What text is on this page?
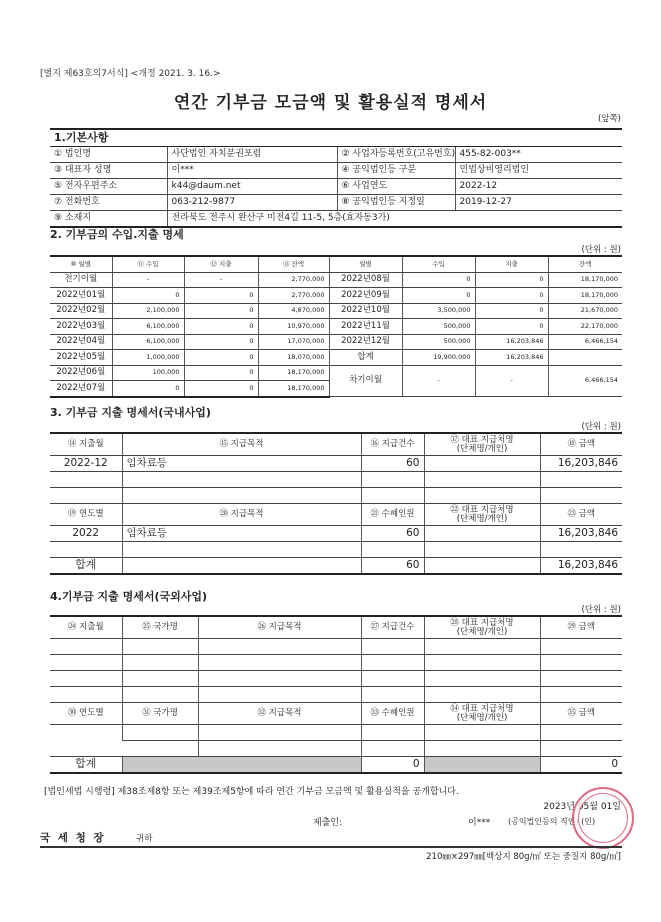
[별지 제63호의7서식] <개정 2021. 3. 16.>
연간 기부금 모금액 및 활용실적 명세서
(앞쪽)
1.기본사항			
① 법인명	사단법인 자치분권포럼	② 사업자등록번호(고유번호)	455-82-003**
③ 대표자 성명	이***	④ 공익법인등 구분	민법상비영리법인
⑤ 전자우편주소	k44@daum.net	⑥ 사업연도	2022-12
⑦ 전화번호	063-212-9877	⑧ 공익법인등 지정일	2019-12-27
⑨ 소재지	전라북도 전주시 완산구 미전4길 11-5, 5층(효자동3가)		
2. 기부금의 수입.지출 명세
(단위 : 원)
⑩ 월별	⑪ 수입	⑫ 지출	⑬ 잔액	월별	수입	지출	잔액
전기이월	-	-	2,770,000	2022년08월	0	0	18,170,000
2022년01월	0	0	2,770,000	2022년09월	0	0	18,170,000
2022년02월	2,100,000	0	4,870,000	2022년10월	3,500,000	0	21,670,000
2022년03월	6,100,000	0	10,970,000	2022년11월	500,000	0	22,170,000
2022년04월	6,100,000	0	17,070,000	2022년12월	500,000	16,203,846	6,466,154
2022년05월	1,000,000	0	18,070,000	합계	19,900,000	16,203,846	
2022년06월	100,000	0	18,170,000	차기이월	-	-	6,466,154
2022년07월	0	0	18,170,000				
3. 기부금 지출 명세서(국내사업)
(단위 : 원)
⑭ 지출월	⑮ 지급목적	⑯ 지급건수	⑰ 대표 지급처명
(단체명/개인)	⑱ 금액
2022-12	임차료등	60		16,203,846

⑲ 연도별	⑳ 지급목적	㉑ 수혜인원	㉒ 대표 지급처명
(단체명/개인)	㉓ 금액
2022	임차료등	60		16,203,846

합계		60		16,203,846
4.기부금 지출 명세서(국외사업)
(단위 : 원)
㉔ 지출월	㉕ 국가명	㉖ 지급목적	㉗ 지급건수	㉘ 대표 지급처명
(단체명/개인)	㉙ 금액

㉚ 연도별	㉛ 국가명	㉜ 지급목적	㉝ 수혜인원	㉞ 대표 지급처명
(단체명/개인)	㉟ 금액

합계			0		0
[법인세법 시행령] 제38조제8항 또는 제39조제5항에 따라 연간 기부금 모금액 및 활용실적을 공개합니다.
2023년 05월 01일
제출인:	이*** (공익법인등의 직인) (인)
국 세 청 장	귀하
210㎜×297㎜[백상지 80g/㎡ 또는 중질지 80g/㎡]
